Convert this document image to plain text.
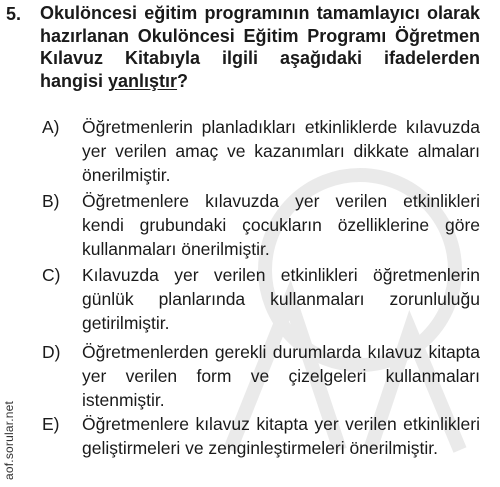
aof.sorular.net
5. Okulöncesi eğitim programının tamamlayıcı olarak hazırlanan Okulöncesi Eğitim Programı Öğretmen Kılavuz Kitabıyla ilgili aşağıdaki ifadelerden hangisi yanlıştır?
A) Öğretmenlerin planladıkları etkinliklerde kılavuzda yer verilen amaç ve kazanımları dikkate almaları önerilmiştir.
B) Öğretmenlere kılavuzda yer verilen etkinlikleri kendi grubundaki çocukların özelliklerine göre kullanmaları önerilmiştir.
C) Kılavuzda yer verilen etkinlikleri öğretmenlerin günlük planlarında kullanmaları zorunluluğu getirilmiştir.
D) Öğretmenlerden gerekli durumlarda kılavuz kitapta yer verilen form ve çizelgeleri kullanmaları istenmiştir.
E) Öğretmenlere kılavuz kitapta yer verilen etkinlikleri geliştirmeleri ve zenginleştirmeleri önerilmiştir.
